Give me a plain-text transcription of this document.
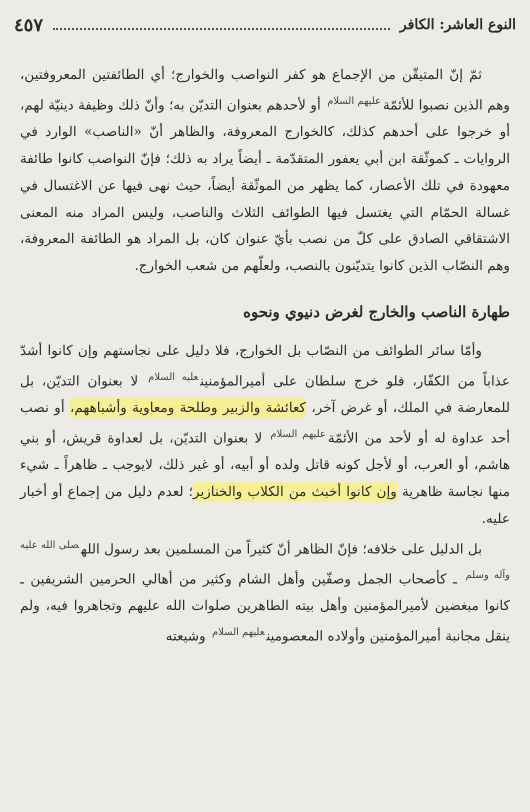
النوع العاشر: الكافر
٤٥٧

ثمّ إنّ المتيقّن من الإجماع هو كفر النواصب والخوارج؛ أي الطائفتين المعروفتين، وهم الذين نصبوا للأئمّة$^{عليهم السلام}$ أو لأحدهم بعنوان التديّن به؛ وأنّ ذلك وظيفة دينيّة لهم، أو خرجوا على أحدهم كذلك، كالخوارج المعروفة، والظاهر أنّ «الناصب» الوارد في الروايات ـ كموثّقة ابن أبي يعفور المتقدّمة ـ أيضاً يراد به ذلك؛ فإنّ النواصب كانوا طائفة معهودة في تلك الأعصار، كما يظهر من الموثّقة أيضاً، حيث نهى فيها عن الاغتسال في غسالة الحمّام التي يغتسل فيها الطوائف الثلاث والناصب، وليس المراد منه المعنى الاشتقاقي الصادق على كلّ من نصب بأيّ عنوان كان، بل المراد هو الطائفة المعروفة، وهم النصّاب الذين كانوا يتديّنون بالنصب، ولعلّهم من شعب الخوارج.

طهارة الناصب والخارج لغرض دنيوي ونحوه

وأمّا سائر الطوائف من النصّاب بل الخوارج، فلا دليل على نجاستهم وإن كانوا أشدّ عذاباً من الكفّار، فلو خرج سلطان على أميرالمؤمنين$^{عليه السلام}$ لا بعنوان التديّن، بل للمعارضة في الملك، أو غرض آخر، كعائشة والزبير وطلحة ومعاوية وأشباههم، أو نصب أحد عداوة له أو لأحد من الأئمّة$^{عليهم السلام}$ لا بعنوان التديّن، بل لعداوة قريش، أو بني هاشم، أو العرب، أو لأجل كونه قاتل ولده أو أبيه، أو غير ذلك، لايوجب ـ ظاهراً ـ شيء منها نجاسة ظاهرية وإن كانوا أخبث من الكلاب والخنازير؛ لعدم دليل من إجماع أو أخبار عليه.

بل الدليل على خلافه؛ فإنّ الظاهر أنّ كثيراً من المسلمين بعد رسول الله$^{صلى الله عليه وآله وسلم}$ ـ كأصحاب الجمل وصفّين وأهل الشام وكثير من أهالي الحرمين الشريفين ـ كانوا مبغضين لأميرالمؤمنين وأهل بيته الطاهرين صلوات الله عليهم وتجاهروا فيه، ولم ينقل مجانبة أميرالمؤمنين وأولاده المعصومين$^{عليهم السلام}$ وشيعته
